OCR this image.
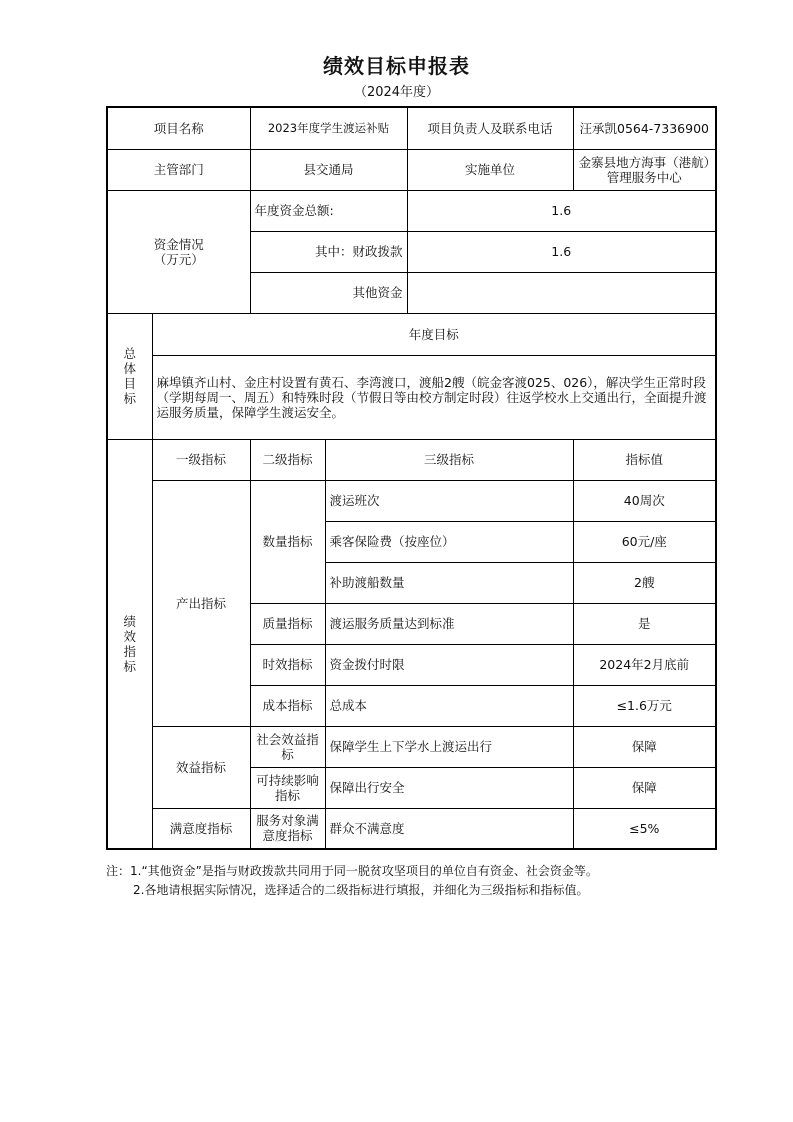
绩效目标申报表
（2024年度）
项目名称		2023年度学生渡运补贴		项目负责人及联系电话	汪承凯0564-7336900
主管部门		县交通局		实施单位	金寨县地方海事（港航）管理服务中心

资金情况
（万元）		年度资金总额:		1.6	
		其中：财政拨款		1.6	
		其他资金			

总
体
目
标	年度目标				
	麻埠镇齐山村、金庄村设置有黄石、李湾渡口，渡船2艘（皖金客渡025、026），解决学生正常时段（学期每周一、周五）和特殊时段（节假日等由校方制定时段）往返学校水上交通出行，全面提升渡运服务质量，保障学生渡运安全。				

绩
效
指
标	一级指标	二级指标	三级指标		指标值
	产出指标	数量指标	渡运班次		40周次
			乘客保险费（按座位）		60元/座
			补助渡船数量		2艘
		质量指标	渡运服务质量达到标准		是
		时效指标	资金拨付时限		2024年2月底前
		成本指标	总成本		≤1.6万元
	效益指标	社会效益指标	保障学生上下学水上渡运出行		保障
		可持续影响指标	保障出行安全		保障
	满意度指标	服务对象满意度指标	群众不满意度		≤5%
注：1.“其他资金”是指与财政拨款共同用于同一脱贫攻坚项目的单位自有资金、社会资金等。
2.各地请根据实际情况，选择适合的二级指标进行填报，并细化为三级指标和指标值。
